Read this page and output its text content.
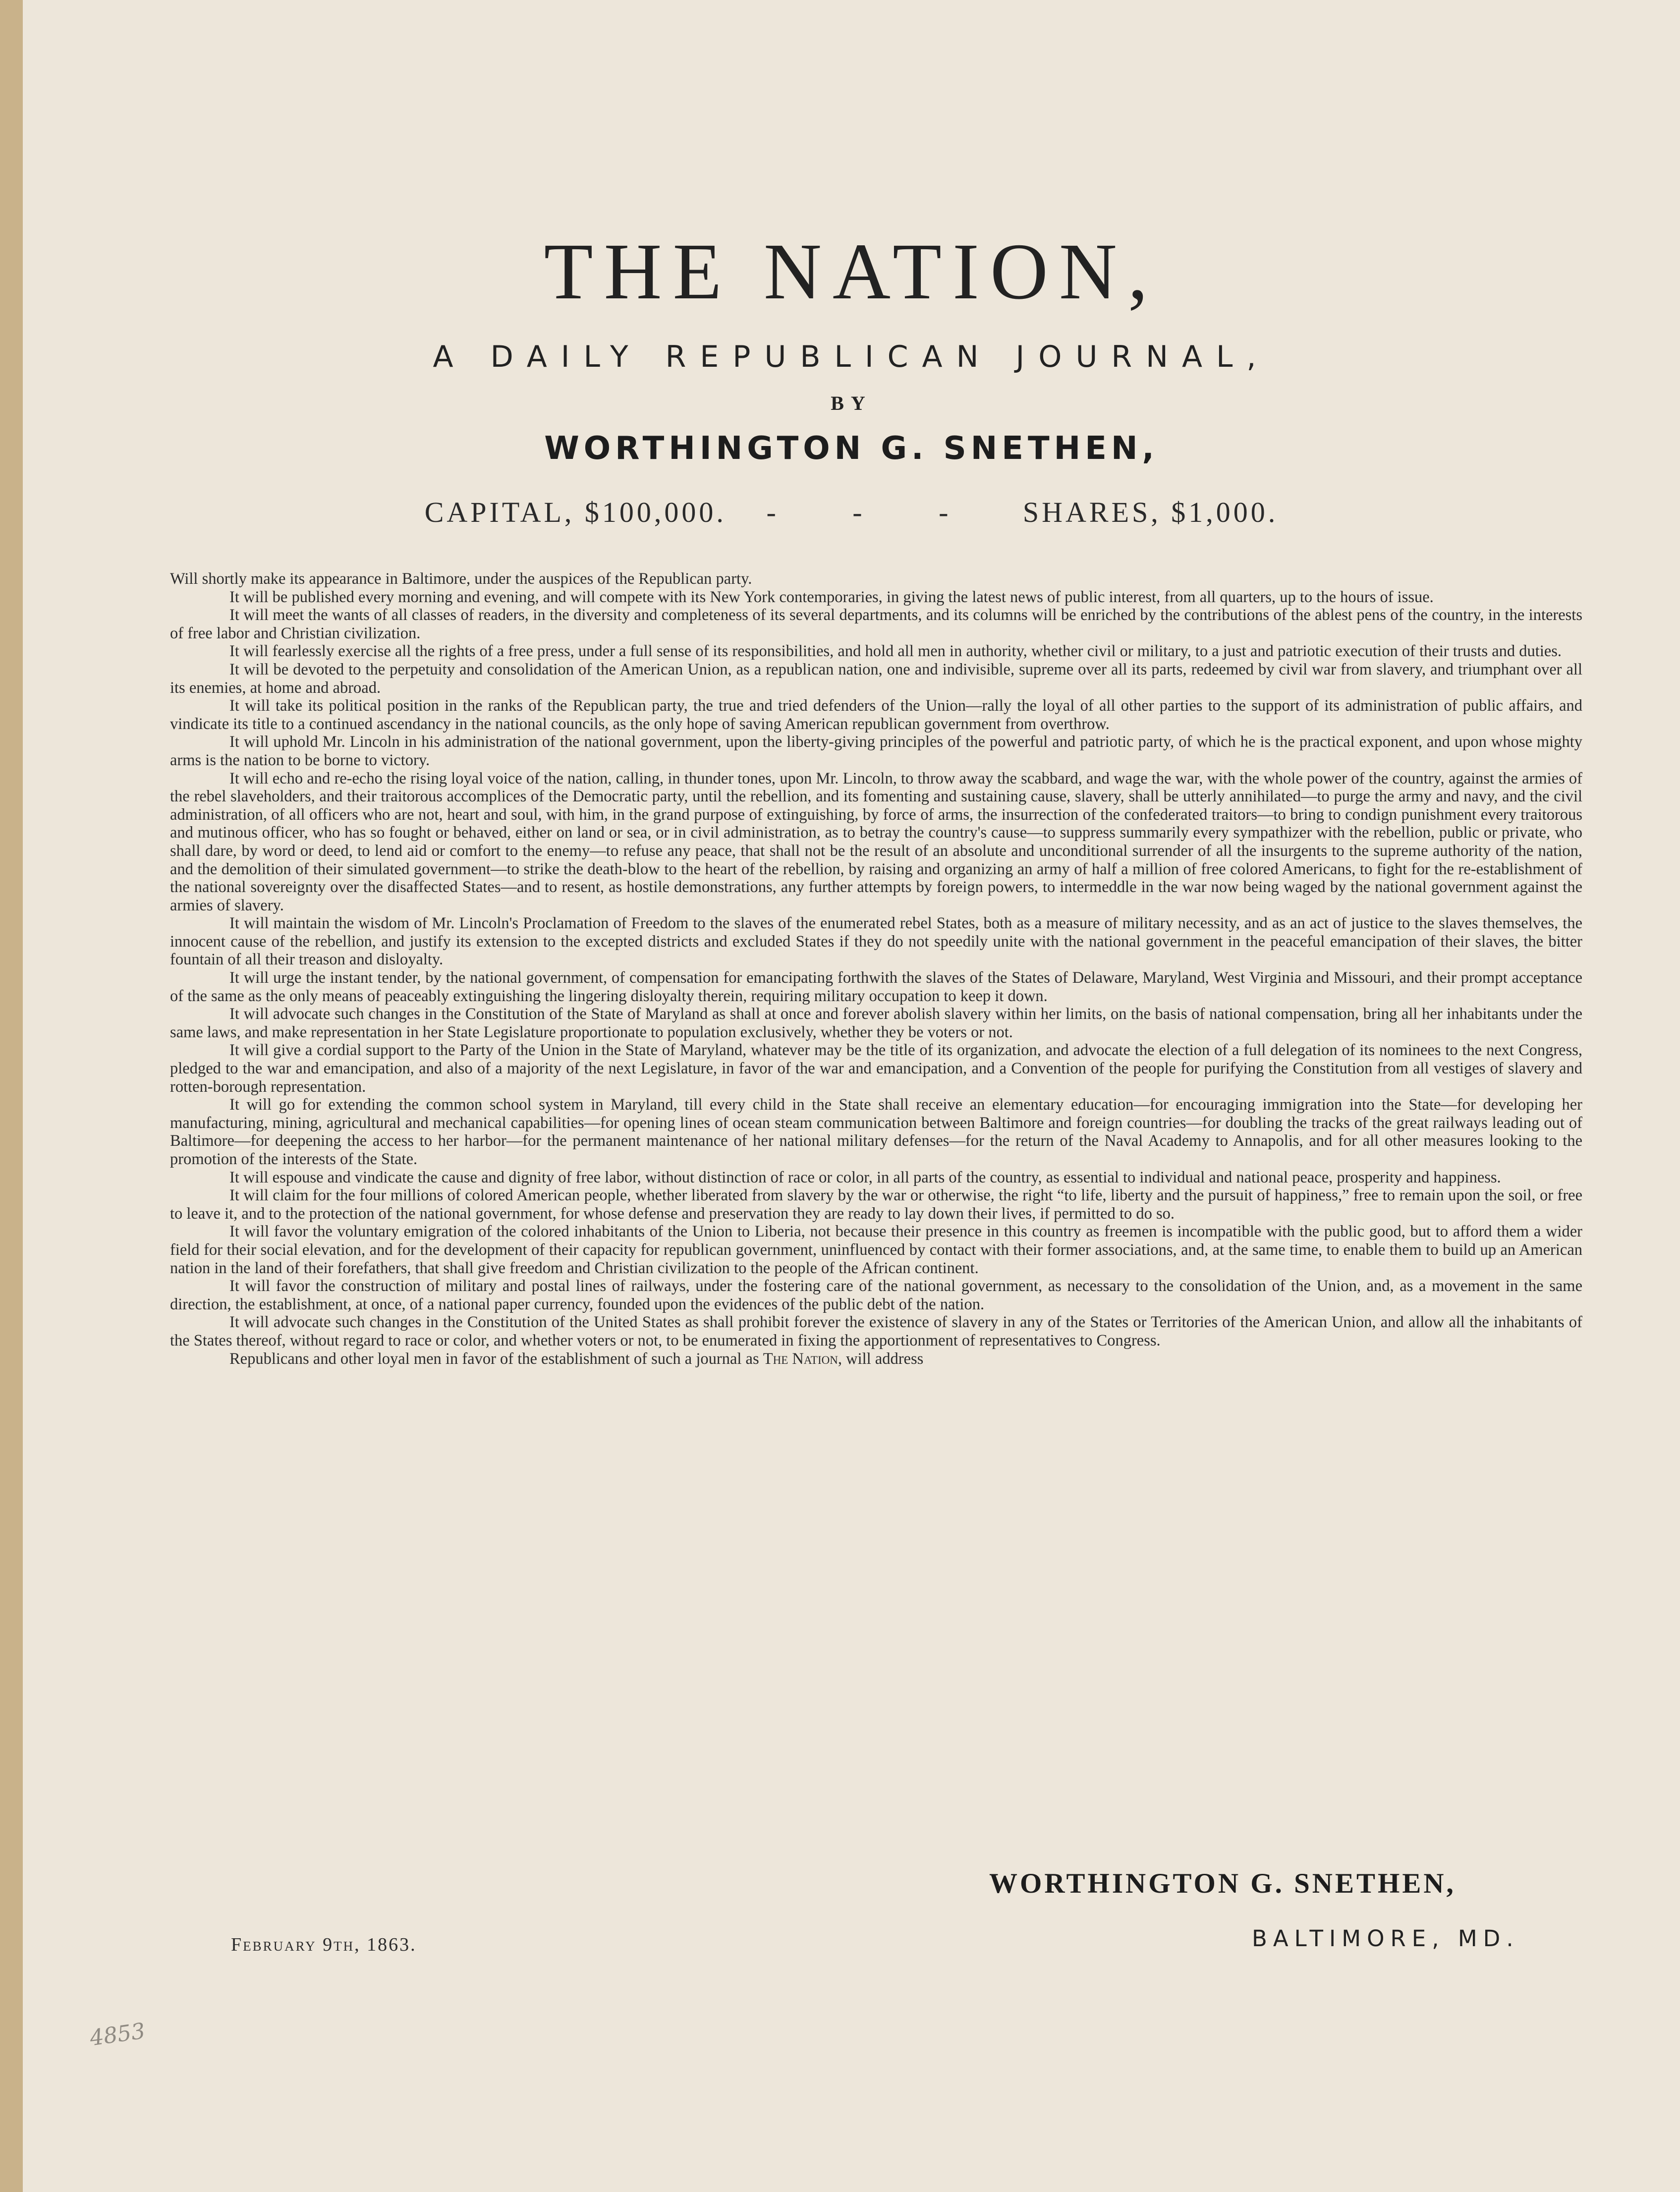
THE NATION,
A DAILY REPUBLICAN JOURNAL,
BY
WORTHINGTON G. SNETHEN,
CAPITAL, $100,000. - - - SHARES, $1,000.

Will shortly make its appearance in Baltimore, under the auspices of the Republican party.

It will be published every morning and evening, and will compete with its New York contemporaries, in giving the latest news of public interest, from all quarters, up to the hours of issue.

It will meet the wants of all classes of readers, in the diversity and completeness of its several departments, and its columns will be enriched by the contributions of the ablest pens of the country, in the interests of free labor and Christian civilization.

It will fearlessly exercise all the rights of a free press, under a full sense of its responsibilities, and hold all men in authority, whether civil or military, to a just and patriotic execution of their trusts and duties.

It will be devoted to the perpetuity and consolidation of the American Union, as a republican nation, one and indivisible, supreme over all its parts, redeemed by civil war from slavery, and triumphant over all its enemies, at home and abroad.

It will take its political position in the ranks of the Republican party, the true and tried defenders of the Union—rally the loyal of all other parties to the support of its administration of public affairs, and vindicate its title to a continued ascendancy in the national councils, as the only hope of saving American republican government from overthrow.

It will uphold Mr. Lincoln in his administration of the national government, upon the liberty-giving principles of the powerful and patriotic party, of which he is the practical exponent, and upon whose mighty arms is the nation to be borne to victory.

It will echo and re-echo the rising loyal voice of the nation, calling, in thunder tones, upon Mr. Lincoln, to throw away the scabbard, and wage the war, with the whole power of the country, against the armies of the rebel slaveholders, and their traitorous accomplices of the Democratic party, until the rebellion, and its fomenting and sustaining cause, slavery, shall be utterly annihilated—to purge the army and navy, and the civil administration, of all officers who are not, heart and soul, with him, in the grand purpose of extinguishing, by force of arms, the insurrection of the confederated traitors—to bring to condign punishment every traitorous and mutinous officer, who has so fought or behaved, either on land or sea, or in civil administration, as to betray the country's cause—to suppress summarily every sympathizer with the rebellion, public or private, who shall dare, by word or deed, to lend aid or comfort to the enemy—to refuse any peace, that shall not be the result of an absolute and unconditional surrender of all the insurgents to the supreme authority of the nation, and the demolition of their simulated government—to strike the death-blow to the heart of the rebellion, by raising and organizing an army of half a million of free colored Americans, to fight for the re-establishment of the national sovereignty over the disaffected States—and to resent, as hostile demonstrations, any further attempts by foreign powers, to intermeddle in the war now being waged by the national government against the armies of slavery.

It will maintain the wisdom of Mr. Lincoln's Proclamation of Freedom to the slaves of the enumerated rebel States, both as a measure of military necessity, and as an act of justice to the slaves themselves, the innocent cause of the rebellion, and justify its extension to the excepted districts and excluded States if they do not speedily unite with the national government in the peaceful emancipation of their slaves, the bitter fountain of all their treason and disloyalty.

It will urge the instant tender, by the national government, of compensation for emancipating forthwith the slaves of the States of Delaware, Maryland, West Virginia and Missouri, and their prompt acceptance of the same as the only means of peaceably extinguishing the lingering disloyalty therein, requiring military occupation to keep it down.

It will advocate such changes in the Constitution of the State of Maryland as shall at once and forever abolish slavery within her limits, on the basis of national compensation, bring all her inhabitants under the same laws, and make representation in her State Legislature proportionate to population exclusively, whether they be voters or not.

It will give a cordial support to the Party of the Union in the State of Maryland, whatever may be the title of its organization, and advocate the election of a full delegation of its nominees to the next Congress, pledged to the war and emancipation, and also of a majority of the next Legislature, in favor of the war and emancipation, and a Convention of the people for purifying the Constitution from all vestiges of slavery and rotten-borough representation.

It will go for extending the common school system in Maryland, till every child in the State shall receive an elementary education—for encouraging immigration into the State—for developing her manufacturing, mining, agricultural and mechanical capabilities—for opening lines of ocean steam communication between Baltimore and foreign countries—for doubling the tracks of the great railways leading out of Baltimore—for deepening the access to her harbor—for the permanent maintenance of her national military defenses—for the return of the Naval Academy to Annapolis, and for all other measures looking to the promotion of the interests of the State.

It will espouse and vindicate the cause and dignity of free labor, without distinction of race or color, in all parts of the country, as essential to individual and national peace, prosperity and happiness.

It will claim for the four millions of colored American people, whether liberated from slavery by the war or otherwise, the right “to life, liberty and the pursuit of happiness,” free to remain upon the soil, or free to leave it, and to the protection of the national government, for whose defense and preservation they are ready to lay down their lives, if permitted to do so.

It will favor the voluntary emigration of the colored inhabitants of the Union to Liberia, not because their presence in this country as freemen is incompatible with the public good, but to afford them a wider field for their social elevation, and for the development of their capacity for republican government, uninfluenced by contact with their former associations, and, at the same time, to enable them to build up an American nation in the land of their forefathers, that shall give freedom and Christian civilization to the people of the African continent.

It will favor the construction of military and postal lines of railways, under the fostering care of the national government, as necessary to the consolidation of the Union, and, as a movement in the same direction, the establishment, at once, of a national paper currency, founded upon the evidences of the public debt of the nation.

It will advocate such changes in the Constitution of the United States as shall prohibit forever the existence of slavery in any of the States or Territories of the American Union, and allow all the inhabitants of the States thereof, without regard to race or color, and whether voters or not, to be enumerated in fixing the apportionment of representatives to Congress.

Republicans and other loyal men in favor of the establishment of such a journal as The Nation, will address

WORTHINGTON G. SNETHEN,
BALTIMORE, MD.
February 9th, 1863.
4853
